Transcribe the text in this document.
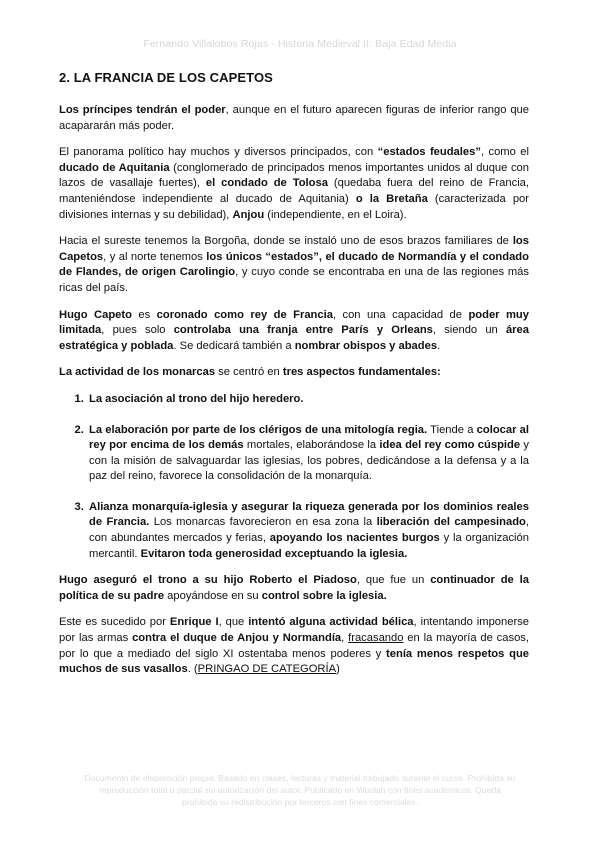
Fernando Villalobos Rojas - Historia Medieval II: Baja Edad Media
2. LA FRANCIA DE LOS CAPETOS

Los príncipes tendrán el poder, aunque en el futuro aparecen figuras de inferior rango que acapararán más poder.

El panorama político hay muchos y diversos principados, con “estados feudales”, como el ducado de Aquitania (conglomerado de principados menos importantes unidos al duque con lazos de vasallaje fuertes), el condado de Tolosa (quedaba fuera del reino de Francia, manteniéndose independiente al ducado de Aquitania) o la Bretaña (caracterizada por divisiones internas y su debilidad), Anjou (independiente, en el Loira).

Hacia el sureste tenemos la Borgoña, donde se instaló uno de esos brazos familiares de los Capetos, y al norte tenemos los únicos “estados”, el ducado de Normandía y el condado de Flandes, de origen Carolingio, y cuyo conde se encontraba en una de las regiones más ricas del país.

Hugo Capeto es coronado como rey de Francia, con una capacidad de poder muy limitada, pues solo controlaba una franja entre París y Orleans, siendo un área estratégica y poblada. Se dedicará también a nombrar obispos y abades.

La actividad de los monarcas se centró en tres aspectos fundamentales:

1. La asociación al trono del hijo heredero.
2. La elaboración por parte de los clérigos de una mitología regia. Tiende a colocar al rey por encima de los demás mortales, elaborándose la idea del rey como cúspide y con la misión de salvaguardar las iglesias, los pobres, dedicándose a la defensa y a la paz del reino, favorece la consolidación de la monarquía.
3. Alianza monarquía-iglesia y asegurar la riqueza generada por los dominios reales de Francia. Los monarcas favorecieron en esa zona la liberación del campesinado, con abundantes mercados y ferias, apoyando los nacientes burgos y la organización mercantil. Evitaron toda generosidad exceptuando la iglesia.

Hugo aseguró el trono a su hijo Roberto el Piadoso, que fue un continuador de la política de su padre apoyándose en su control sobre la iglesia.

Este es sucedido por Enrique I, que intentó alguna actividad bélica, intentando imponerse por las armas contra el duque de Anjou y Normandía, fracasando en la mayoría de casos, por lo que a mediado del siglo XI ostentaba menos poderes y tenía menos respetos que muchos de sus vasallos. (PRINGAO DE CATEGORÍA)

Documento de elaboración propia. Basado en clases, lecturas y material trabajado durante el curso. Prohibida su reproducción total o parcial sin autorización del autor. Publicado en Wuolah con fines académicos. Queda prohibida su redistribución por terceros con fines comerciales.
